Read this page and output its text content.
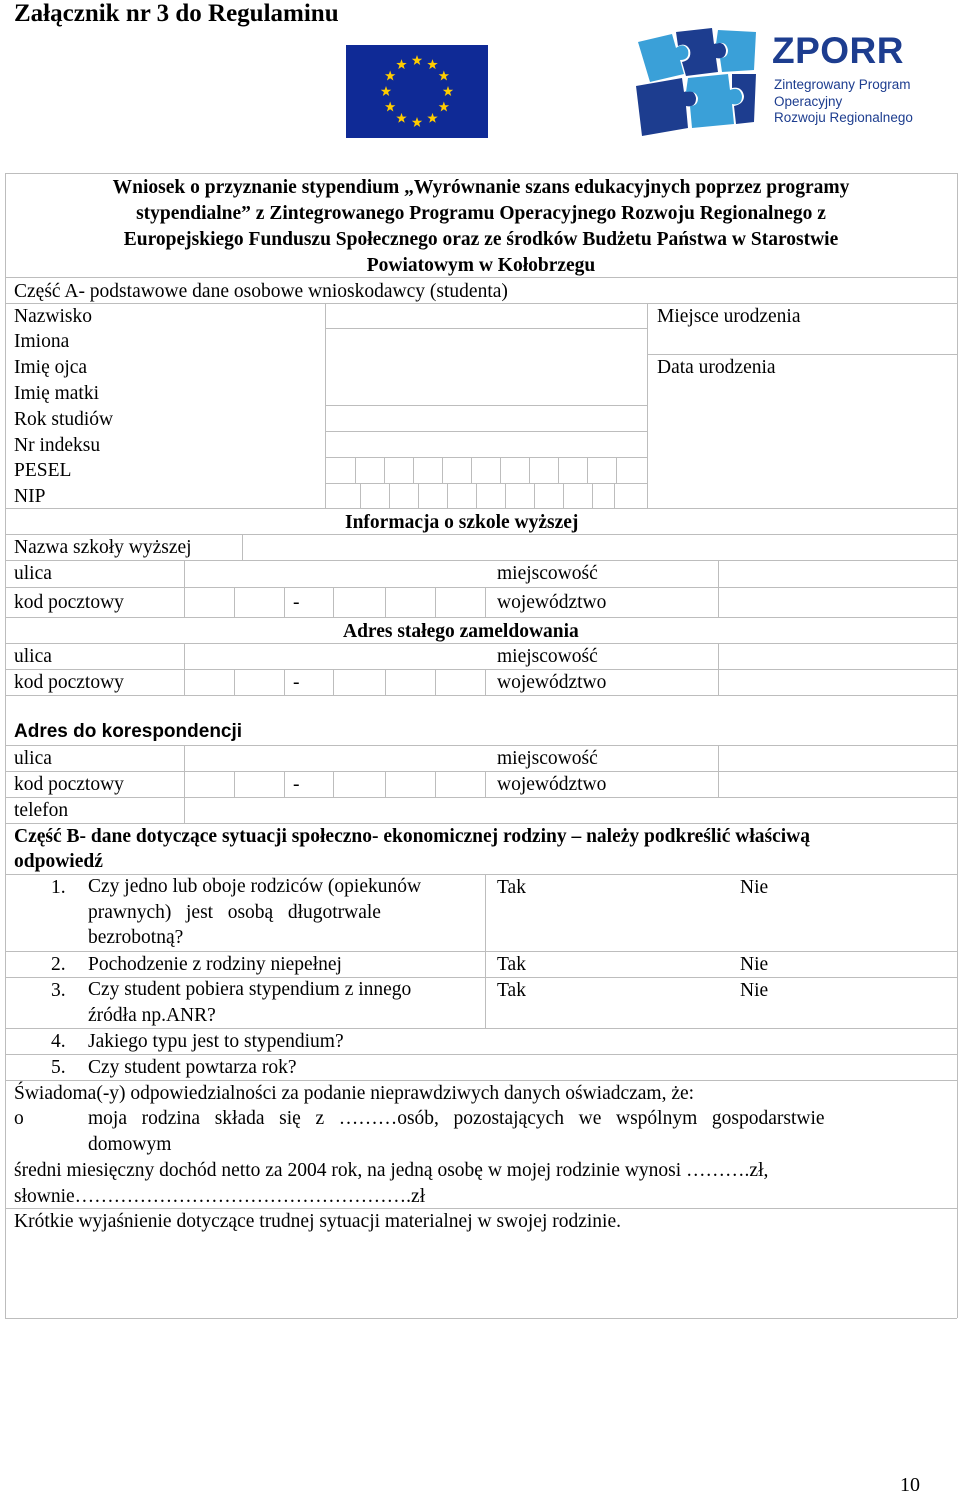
Załącznik nr 3 do Regulaminu
ZPORR
Zintegrowany Program
Operacyjny
Rozwoju Regionalnego
Wniosek o przyznanie stypendium „Wyrównanie szans edukacyjnych poprzez programy
stypendialne” z Zintegrowanego Programu Operacyjnego Rozwoju Regionalnego z
Europejskiego Funduszu Społecznego oraz ze środków Budżetu Państwa w Starostwie
Powiatowym w Kołobrzegu
Część A- podstawowe dane osobowe wnioskodawcy (studenta)
Nazwisko
Imiona
Imię ojca
Imię matki
Rok studiów
Nr indeksu
PESEL
NIP
Miejsce urodzenia
Data urodzenia
Informacja o szkole wyższej
Nazwa szkoły wyższej
ulica	miejscowość
kod pocztowy	-	województwo
Adres stałego zameldowania
ulica	miejscowość
kod pocztowy	-	województwo
Adres do korespondencji
ulica	miejscowość
kod pocztowy	-	województwo
telefon
Część B- dane dotyczące sytuacji społeczno- ekonomicznej rodziny – należy podkreślić właściwą
odpowiedź
1. Czy jedno lub oboje rodziców (opiekunów
prawnych)   jest   osobą   długotrwale
bezrobotną?
Tak	Nie
2. Pochodzenie z rodziny niepełnej	Tak	Nie
3. Czy student pobiera stypendium z innego
źródła np.ANR?
Tak	Nie
4. Jakiego typu jest to stypendium?
5. Czy student powtarza rok?
Świadoma(-y) odpowiedzialności za podanie nieprawdziwych danych oświadczam, że:
o	moja   rodzina   składa   się   z   ………osób,   pozostających   we   wspólnym   gospodarstwie
domowym
średni miesięczny dochód netto za 2004 rok, na jedną osobę w mojej rodzinie wynosi ……….zł,
słownie…………………………………………….zł
Krótkie wyjaśnienie dotyczące trudnej sytuacji materialnej w swojej rodzinie.
10
